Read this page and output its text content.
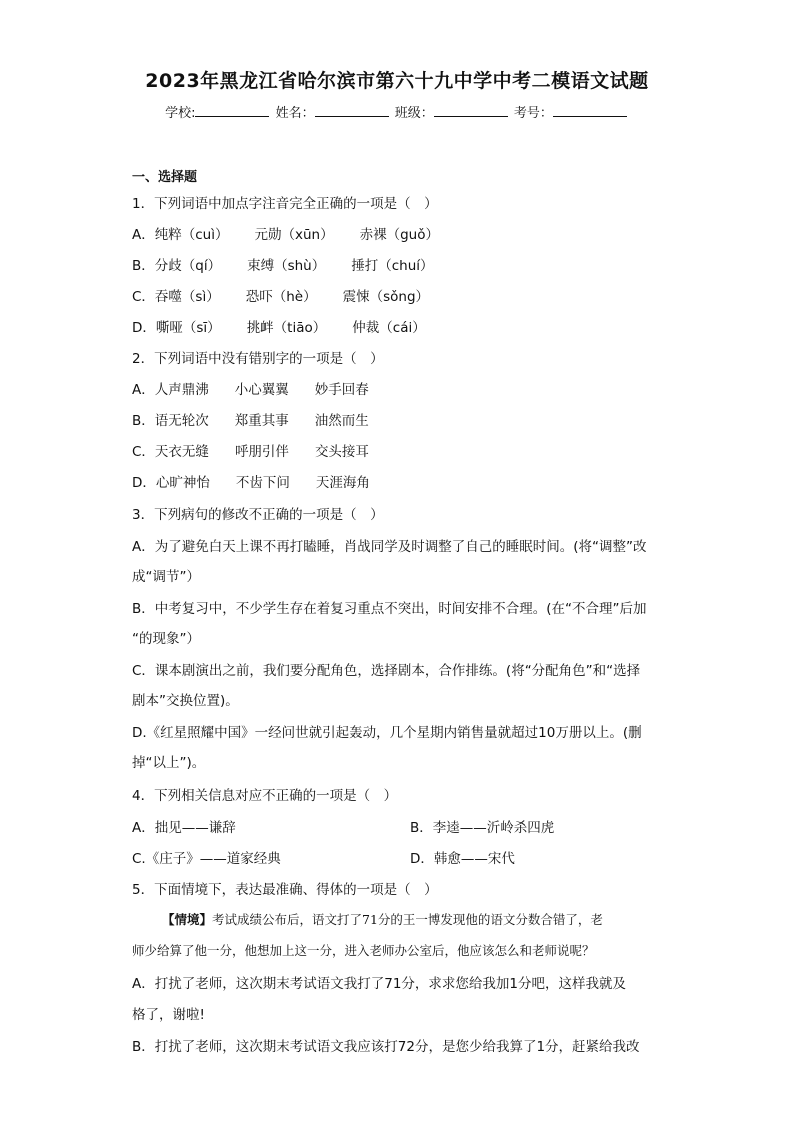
2023年黑龙江省哈尔滨市第六十九中学中考二模语文试题
学校:	姓名：	班级：	考号：
一、选择题
1．下列词语中加点字注音完全正确的一项是（　）
A．纯粹（cuì） 元勋（xūn） 赤裸（guǒ）
B．分歧（qí） 束缚（shù） 捶打（chuí）
C．吞噬（sì） 恐吓（hè） 震悚（sǒng）
D．嘶哑（sī） 挑衅（tiāo） 仲裁（cái）
2．下列词语中没有错别字的一项是（　）
A．人声鼎沸 小心翼翼 妙手回春
B．语无轮次 郑重其事 油然而生
C．天衣无缝 呼朋引伴 交头接耳
D．心旷神怡 不齿下问 天涯海角
3．下列病句的修改不正确的一项是（　）
A．为了避免白天上课不再打瞌睡，肖战同学及时调整了自己的睡眠时间。(将“调整”改
成“调节”）
B．中考复习中，不少学生存在着复习重点不突出，时间安排不合理。(在“不合理”后加
“的现象”）
C．课本剧演出之前，我们要分配角色，选择剧本，合作排练。(将“分配角色”和“选择
剧本”交换位置)。
D.《红星照耀中国》一经问世就引起轰动，几个星期内销售量就超过10万册以上。(删
掉“以上”)。
4．下列相关信息对应不正确的一项是（　）
A．拙见——谦辞	B．李逵——沂岭杀四虎
C.《庄子》——道家经典	D．韩愈——宋代
5．下面情境下，表达最准确、得体的一项是（　）
【情境】考试成绩公布后，语文打了71分的王一博发现他的语文分数合错了，老
师少给算了他一分，他想加上这一分，进入老师办公室后，他应该怎么和老师说呢？
A．打扰了老师，这次期末考试语文我打了71分，求求您给我加1分吧，这样我就及
格了，谢啦!
B．打扰了老师，这次期末考试语文我应该打72分，是您少给我算了1分，赶紧给我改
